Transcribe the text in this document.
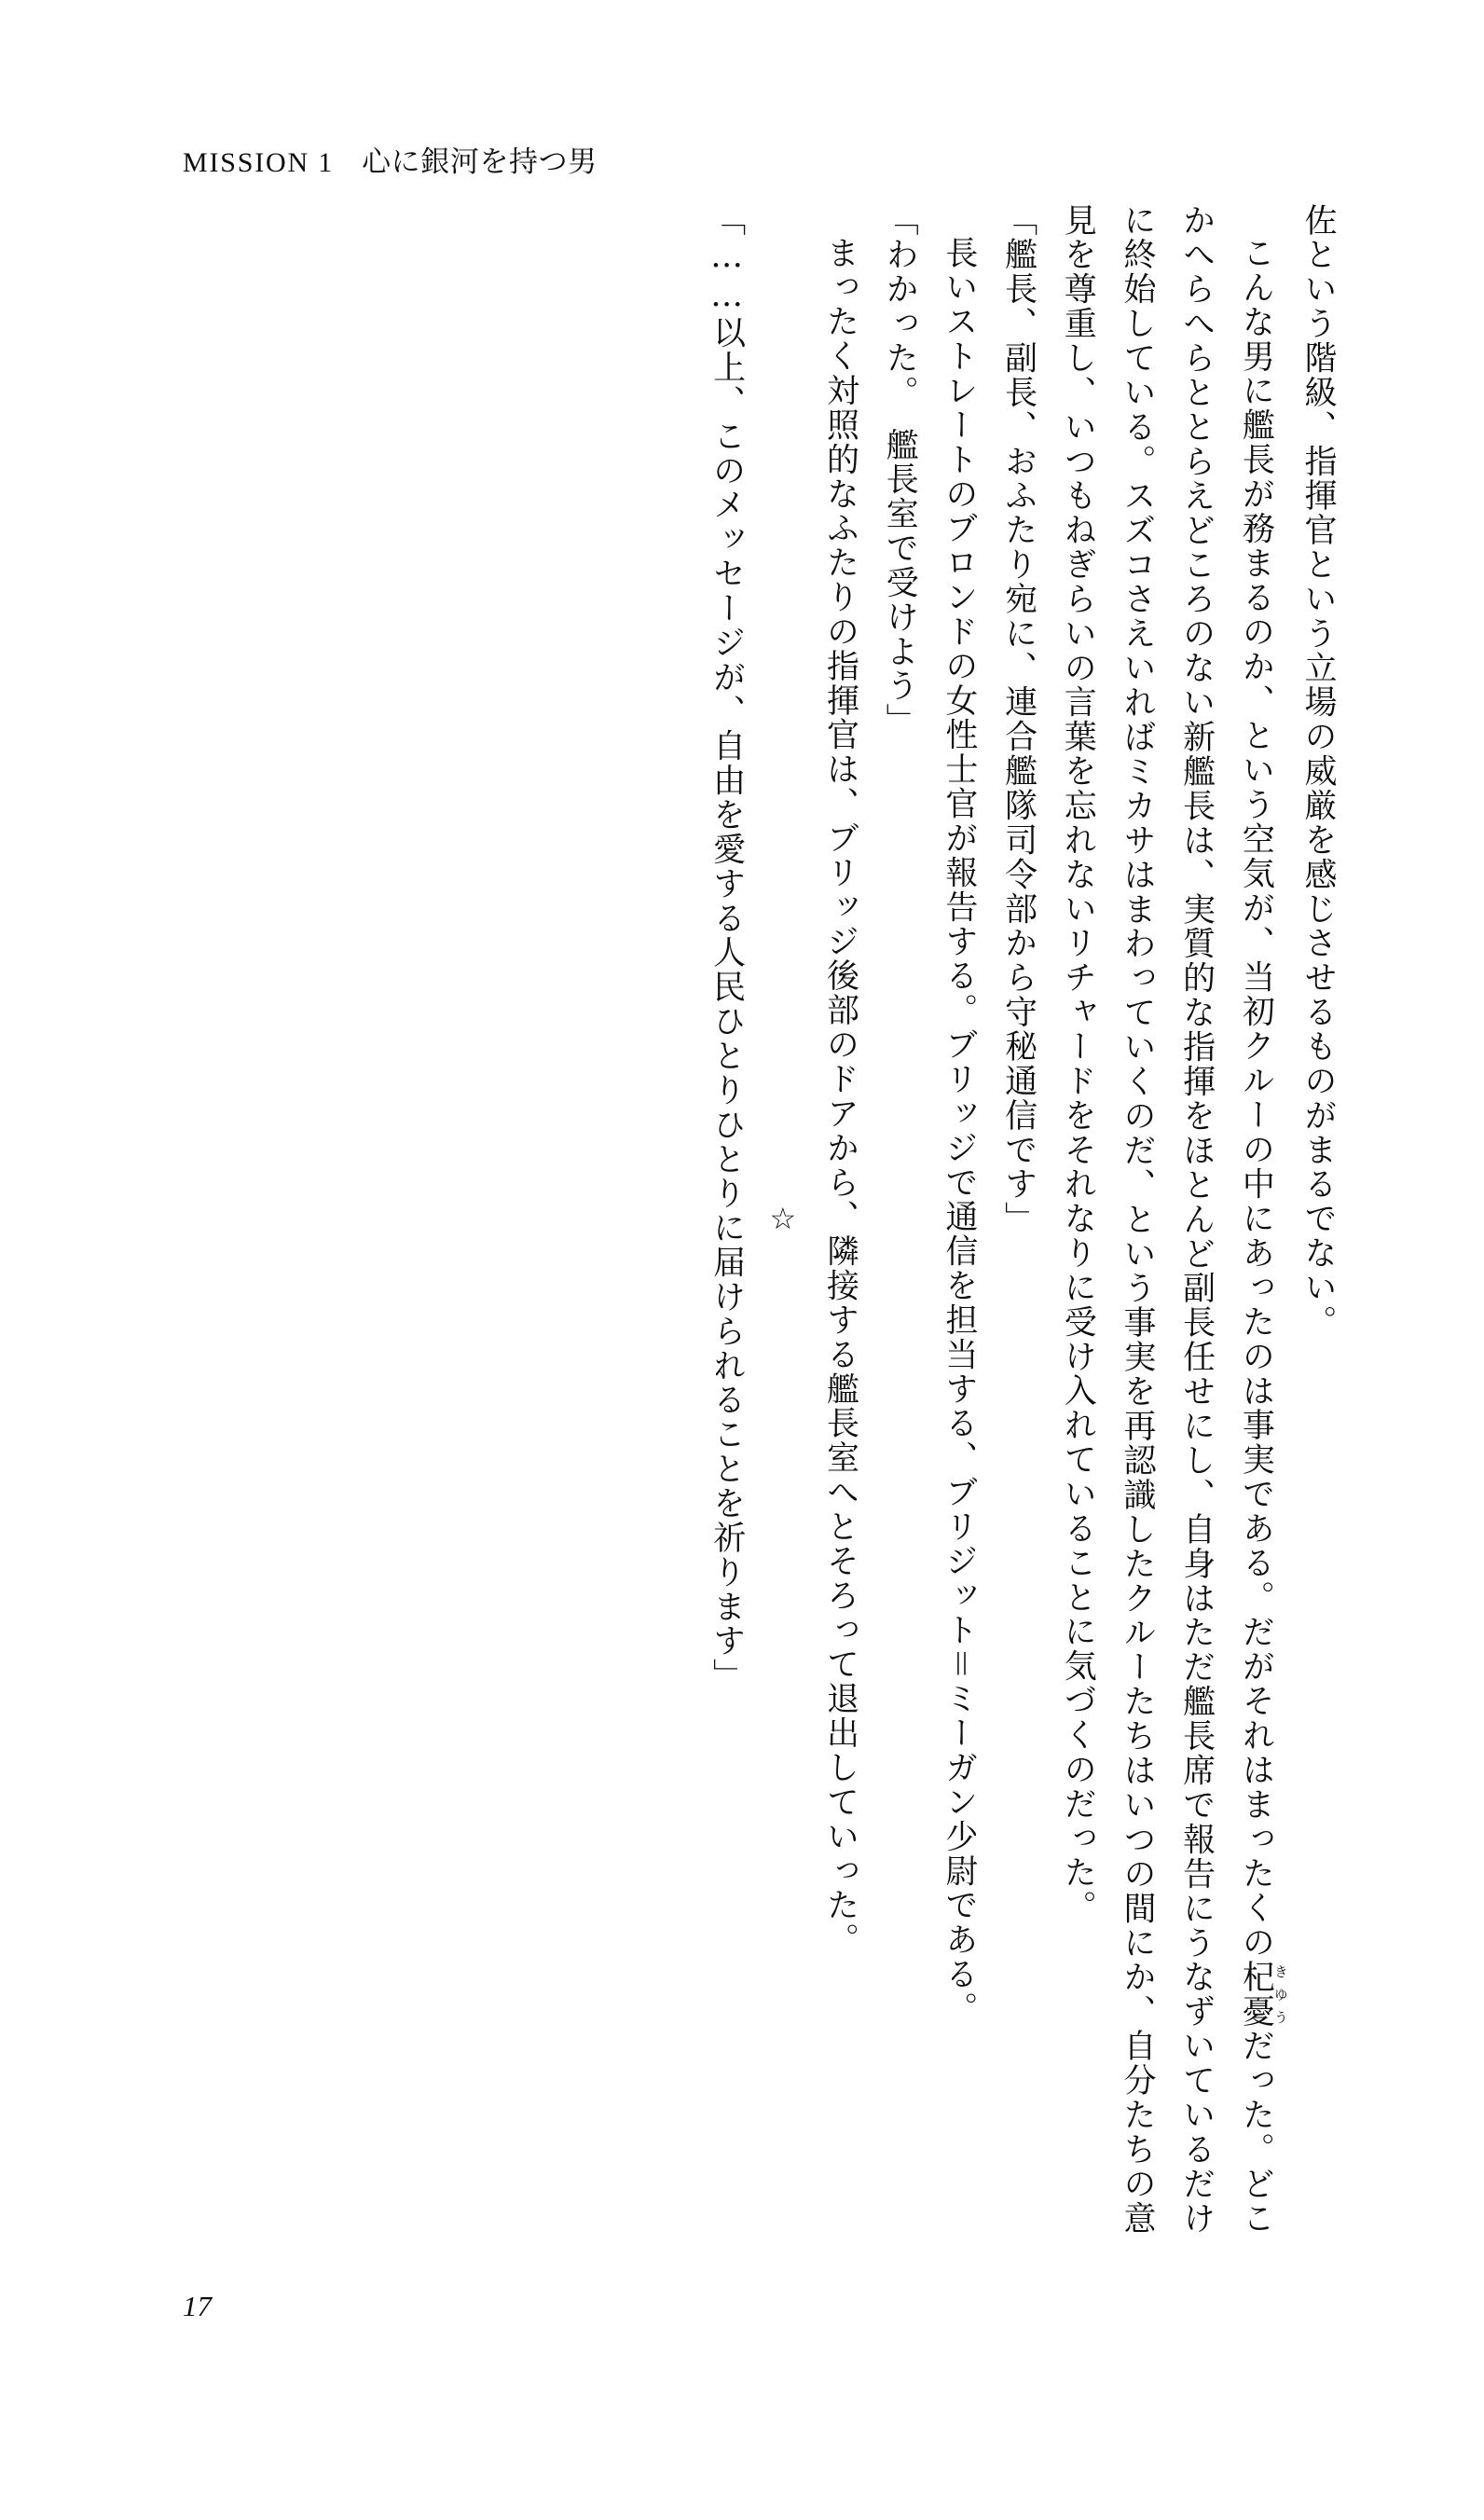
MISSION 1 心に銀河を持つ男

佐という階級、指揮官という立場の威厳を感じさせるものがまるでない。

こんな男に艦長が務まるのか、という空気が、当初クルーの中にあったのは事実である。だがそれはまったくの杞憂きゆうだった。どこかへらへらととらえどころのない新艦長は、実質的な指揮をほとんど副長任せにし、自身はただ艦長席で報告にうなずいているだけに終始している。スズコさえいればミカサはまわっていくのだ、という事実を再認識したクルーたちはいつの間にか、自分たちの意見を尊重し、いつもねぎらいの言葉を忘れないリチャードをそれなりに受け入れていることに気づくのだった。

「艦長、副長、おふたり宛に、連合艦隊司令部から守秘通信です」

長いストレートのブロンドの女性士官が報告する。ブリッジで通信を担当する、ブリジット＝ミーガン少尉である。

「わかった。　艦長室で受けよう」

まったく対照的なふたりの指揮官は、ブリッジ後部のドアから、隣接する艦長室へとそろって退出していった。

☆

「……以上、このメッセージが、自由を愛する人民ひとりひとりに届けられることを祈ります」

17
